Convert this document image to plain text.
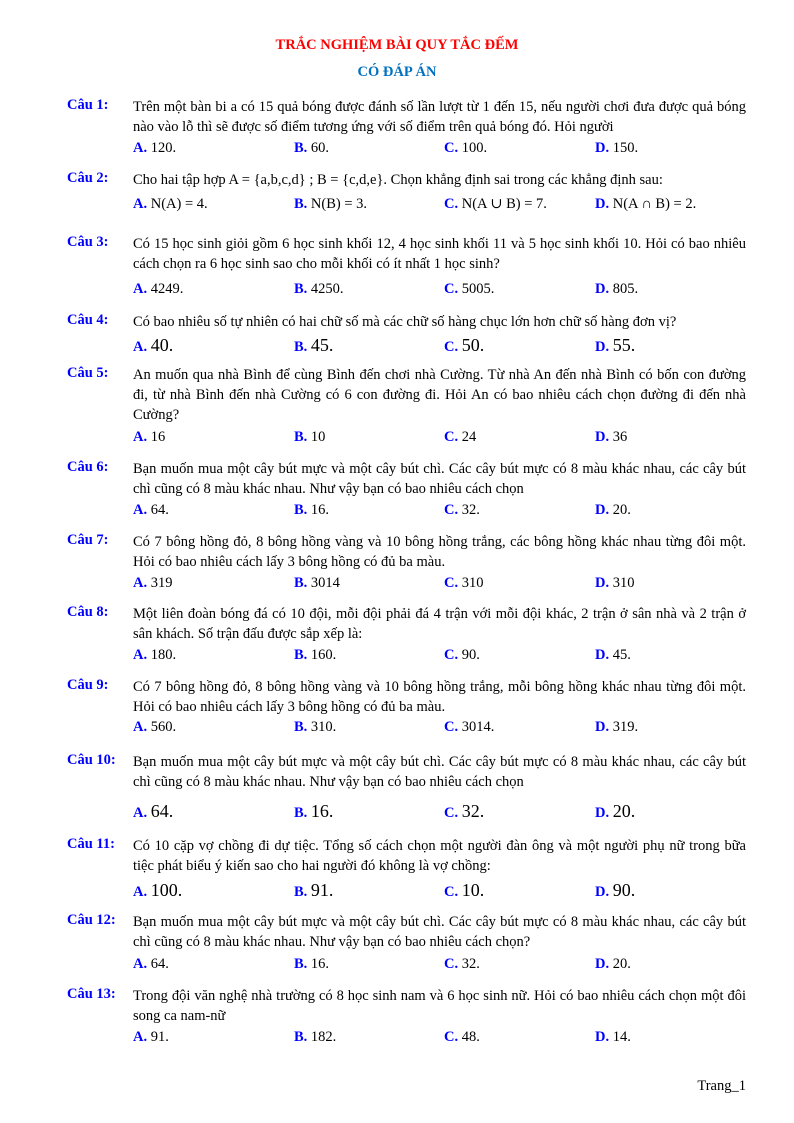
TRẮC NGHIỆM BÀI QUY TẮC ĐẾM
CÓ ĐÁP ÁN
Câu 1: Trên một bàn bi a có 15 quả bóng được đánh số lần lượt từ 1 đến 15, nếu người chơi đưa được quả bóng nào vào lỗ thì sẽ được số điểm tương ứng với số điểm trên quả bóng đó. Hỏi người
A. 120.	B. 60.	C. 100.	D. 150.
Câu 2: Cho hai tập hợp A = {a,b,c,d} ; B = {c,d,e}. Chọn khẳng định sai trong các khẳng định sau:
A. N(A) = 4.	B. N(B) = 3.	C. N(A ∪ B) = 7.	D. N(A ∩ B) = 2.
Câu 3: Có 15 học sinh giỏi gồm 6 học sinh khối 12, 4 học sinh khối 11 và 5 học sinh khối 10. Hỏi có bao nhiêu cách chọn ra 6 học sinh sao cho mỗi khối có ít nhất 1 học sinh?
A. 4249.	B. 4250.	C. 5005.	D. 805.
Câu 4: Có bao nhiêu số tự nhiên có hai chữ số mà các chữ số hàng chục lớn hơn chữ số hàng đơn vị?
A. 40.	B. 45.	C. 50.	D. 55.
Câu 5: An muốn qua nhà Bình để cùng Bình đến chơi nhà Cường. Từ nhà An đến nhà Bình có bốn con đường đi, từ nhà Bình đến nhà Cường có 6 con đường đi. Hỏi An có bao nhiêu cách chọn đường đi đến nhà Cường?
A. 16	B. 10	C. 24	D. 36
Câu 6: Bạn muốn mua một cây bút mực và một cây bút chì. Các cây bút mực có 8 màu khác nhau, các cây bút chì cũng có 8 màu khác nhau. Như vậy bạn có bao nhiêu cách chọn
A. 64.	B. 16.	C. 32.	D. 20.
Câu 7: Có 7 bông hồng đỏ, 8 bông hồng vàng và 10 bông hồng trắng, các bông hồng khác nhau từng đôi một. Hỏi có bao nhiêu cách lấy 3 bông hồng có đủ ba màu.
A. 319	B. 3014	C. 310	D. 310
Câu 8: Một liên đoàn bóng đá có 10 đội, mỗi đội phải đá 4 trận với mỗi đội khác, 2 trận ở sân nhà và 2 trận ở sân khách. Số trận đấu được sắp xếp là:
A. 180.	B. 160.	C. 90.	D. 45.
Câu 9: Có 7 bông hồng đỏ, 8 bông hồng vàng và 10 bông hồng trắng, mỗi bông hồng khác nhau từng đôi một. Hỏi có bao nhiêu cách lấy 3 bông hồng có đủ ba màu.
A. 560.	B. 310.	C. 3014.	D. 319.
Câu 10: Bạn muốn mua một cây bút mực và một cây bút chì. Các cây bút mực có 8 màu khác nhau, các cây bút chì cũng có 8 màu khác nhau. Như vậy bạn có bao nhiêu cách chọn
A. 64.	B. 16.	C. 32.	D. 20.
Câu 11: Có 10 cặp vợ chồng đi dự tiệc. Tổng số cách chọn một người đàn ông và một người phụ nữ trong bữa tiệc phát biểu ý kiến sao cho hai người đó không là vợ chồng:
A. 100.	B. 91.	C. 10.	D. 90.
Câu 12: Bạn muốn mua một cây bút mực và một cây bút chì. Các cây bút mực có 8 màu khác nhau, các cây bút chì cũng có 8 màu khác nhau. Như vậy bạn có bao nhiêu cách chọn?
A. 64.	B. 16.	C. 32.	D. 20.
Câu 13: Trong đội văn nghệ nhà trường có 8 học sinh nam và 6 học sinh nữ. Hỏi có bao nhiêu cách chọn một đôi song ca nam-nữ
A. 91.	B. 182.	C. 48.	D. 14.
Trang_1
